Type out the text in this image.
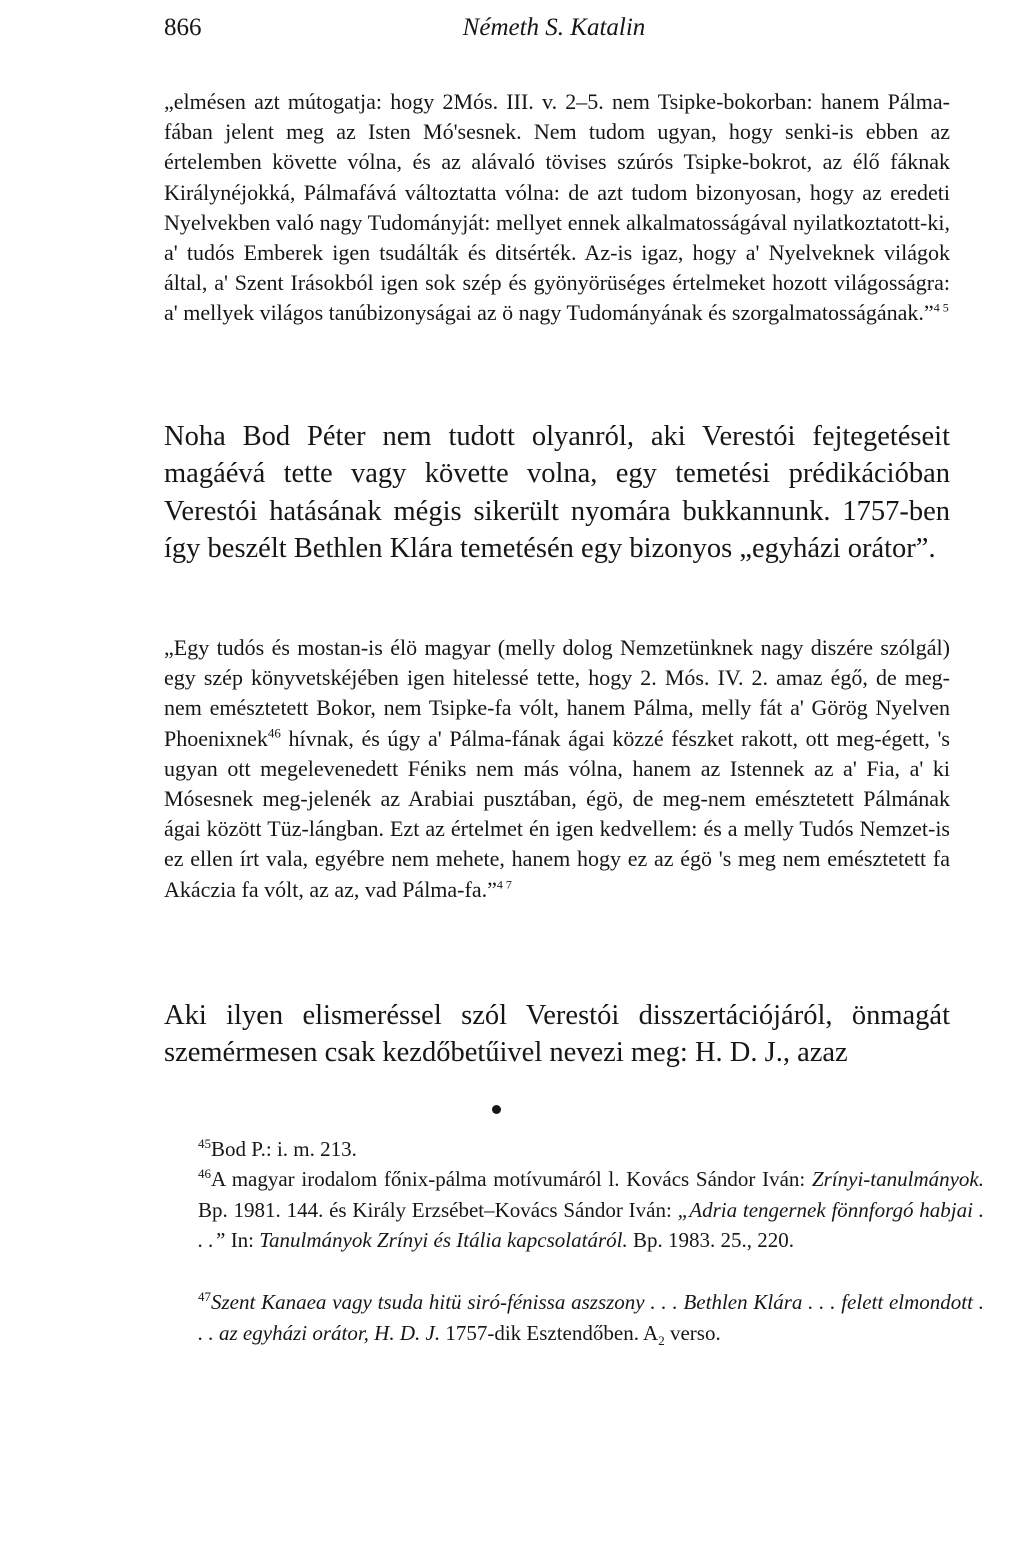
866	Németh S. Katalin

„elmésen azt mútogatja: hogy 2Mós. III. v. 2–5. nem Tsipke-bokorban: hanem Pálma-fában jelent meg az Isten Mó'sesnek. Nem tudom ugyan, hogy senki-is ebben az értelemben követte vólna, és az alávaló tövises szúrós Tsipke-bokrot, az élő fáknak Királynéjokká, Pálmafává változtatta vólna: de azt tudom bizonyosan, hogy az eredeti Nyelvekben való nagy Tudományját: mellyet ennek alkalmatosságával nyilatkoztatott-ki, a' tudós Emberek igen tsudálták és ditsérték. Az-is igaz, hogy a' Nyelveknek világok által, a' Szent Irásokból igen sok szép és gyönyörüséges értelmeket hozott világosságra: a' mellyek világos tanúbizonyságai az ö nagy Tudományának és szorgalmatosságának.”$^{4 5}$

Noha Bod Péter nem tudott olyanról, aki Verestói fejtegetéseit magáévá tette vagy követte volna, egy temetési prédikációban Verestói hatásának mégis sikerült nyomára bukkannunk. 1757-ben így beszélt Bethlen Klára temetésén egy bizonyos „egyházi orátor”.

„Egy tudós és mostan-is élö magyar (melly dolog Nemzetünknek nagy diszére szólgál) egy szép könyvetskéjében igen hitelessé tette, hogy 2. Mós. IV. 2. amaz égő, de meg-nem emésztetett Bokor, nem Tsipke-fa vólt, hanem Pálma, melly fát a' Görög Nyelven Phoenixnek$^{46}$ hívnak, és úgy a' Pálma-fának ágai közzé fészket rakott, ott meg-égett, 's ugyan ott megelevenedett Féniks nem más vólna, hanem az Istennek az a' Fia, a' ki Mósesnek meg-jelenék az Arabiai pusztában, égö, de meg-nem emésztetett Pálmának ágai között Tüz-lángban. Ezt az értelmet én igen kedvellem: és a melly Tudós Nemzet-is ez ellen írt vala, egyébre nem mehete, hanem hogy ez az égö 's meg nem emésztetett fa Akáczia fa vólt, az az, vad Pálma-fa.”$^{4 7}$

Aki ilyen elismeréssel szól Verestói disszertációjáról, önmagát szemérmesen csak kezdőbetűivel nevezi meg: H. D. J., azaz

$^{45}$Bod P.: i. m. 213.

$^{46}$A magyar irodalom főnix-pálma motívumáról l. Kovács Sándor Iván: Zrínyi-tanulmányok. Bp. 1981. 144. és Király Erzsébet–Kovács Sándor Iván: „Adria tengernek fönnforgó habjai . . .” In: Tanulmányok Zrínyi és Itália kapcsolatáról. Bp. 1983. 25., 220.

$^{47}$Szent Kanaea vagy tsuda hitü siró-fénissa aszszony . . . Bethlen Klára . . . felett elmondott . . . az egyházi orátor, H. D. J. 1757-dik Esztendőben. $A_2$ verso.
